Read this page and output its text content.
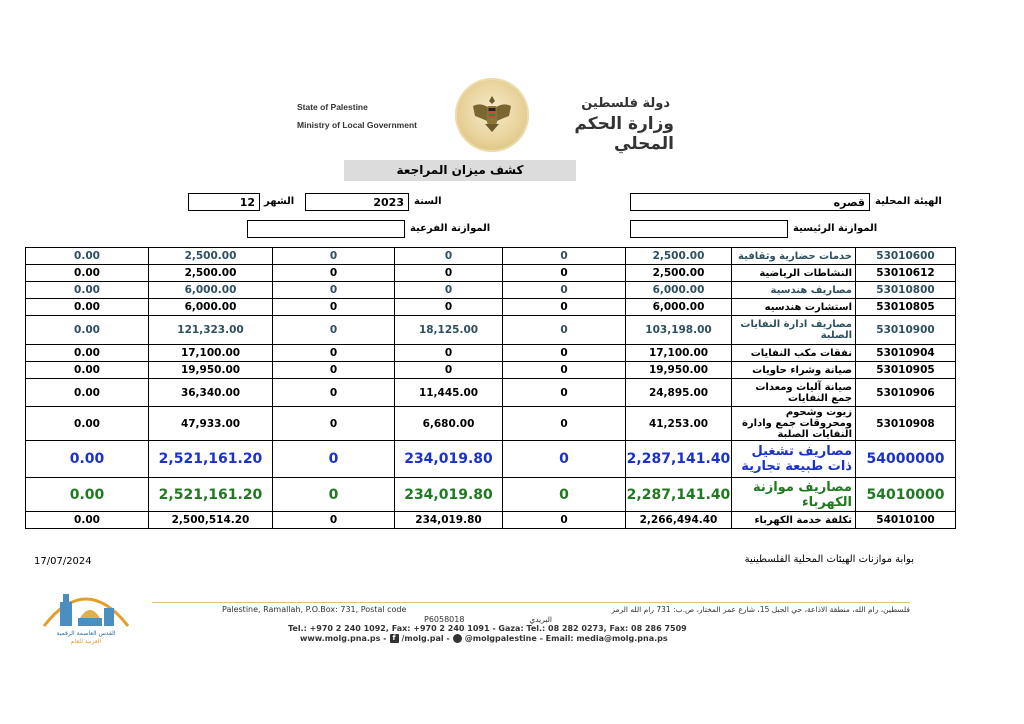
State of Palestine
Ministry of Local Government
دولة فلسطين
وزارة الحكم المحلي
كشف ميزان المراجعة
الهيئة المحلية
قصره
السنة
2023
الشهر
12
الموازنة الرئيسية
الموازنة الفرعية
0.00	2,500.00	0	0	0	2,500.00	خدمات حضارية وثقافية	53010600
0.00	2,500.00	0	0	0	2,500.00	النشاطات الرياضية	53010612
0.00	6,000.00	0	0	0	6,000.00	مصاريف هندسية	53010800
0.00	6,000.00	0	0	0	6,000.00	استشارت هندسيه	53010805
0.00	121,323.00	0	18,125.00	0	103,198.00	مصاريف ادارة النفايات الصلبة	53010900
0.00	17,100.00	0	0	0	17,100.00	نفقات مكب النفايات	53010904
0.00	19,950.00	0	0	0	19,950.00	صيانة وشراء حاويات	53010905
0.00	36,340.00	0	11,445.00	0	24,895.00	صيانة آليات ومعدات جمع النفايات	53010906
0.00	47,933.00	0	6,680.00	0	41,253.00	زيوت وشحوم ومحروقات جمع وادارة النفايات الصلبة	53010908
0.00	2,521,161.20	0	234,019.80	0	2,287,141.40	مصاريف تشغيل ذات طبيعة تجارية	54000000
0.00	2,521,161.20	0	234,019.80	0	2,287,141.40	مصاريف موازنة الكهرباء	54010000
0.00	2,500,514.20	0	234,019.80	0	2,266,494.40	تكلفة خدمة الكهرباء	54010100
17/07/2024	بوابة موازنات الهيئات المحلية الفلسطينية
القدس العاصمة الرقمية
العربية للعام
Palestine, Ramallah, P.O.Box: 731, Postal code
P6058018
فلسطين، رام الله، منطقة الاذاعة، حي الجبل 15، شارع عمر المختار، ص.ب: 731 رام الله الرمز
البريدي
Tel.: +970 2 240 1092, Fax: +970 2 240 1091 - Gaza: Tel.: 08 282 0273, Fax: 08 286 7509
www.molg.pna.ps - f /molg.pal - @molgpalestine - Email: media@molg.pna.ps
